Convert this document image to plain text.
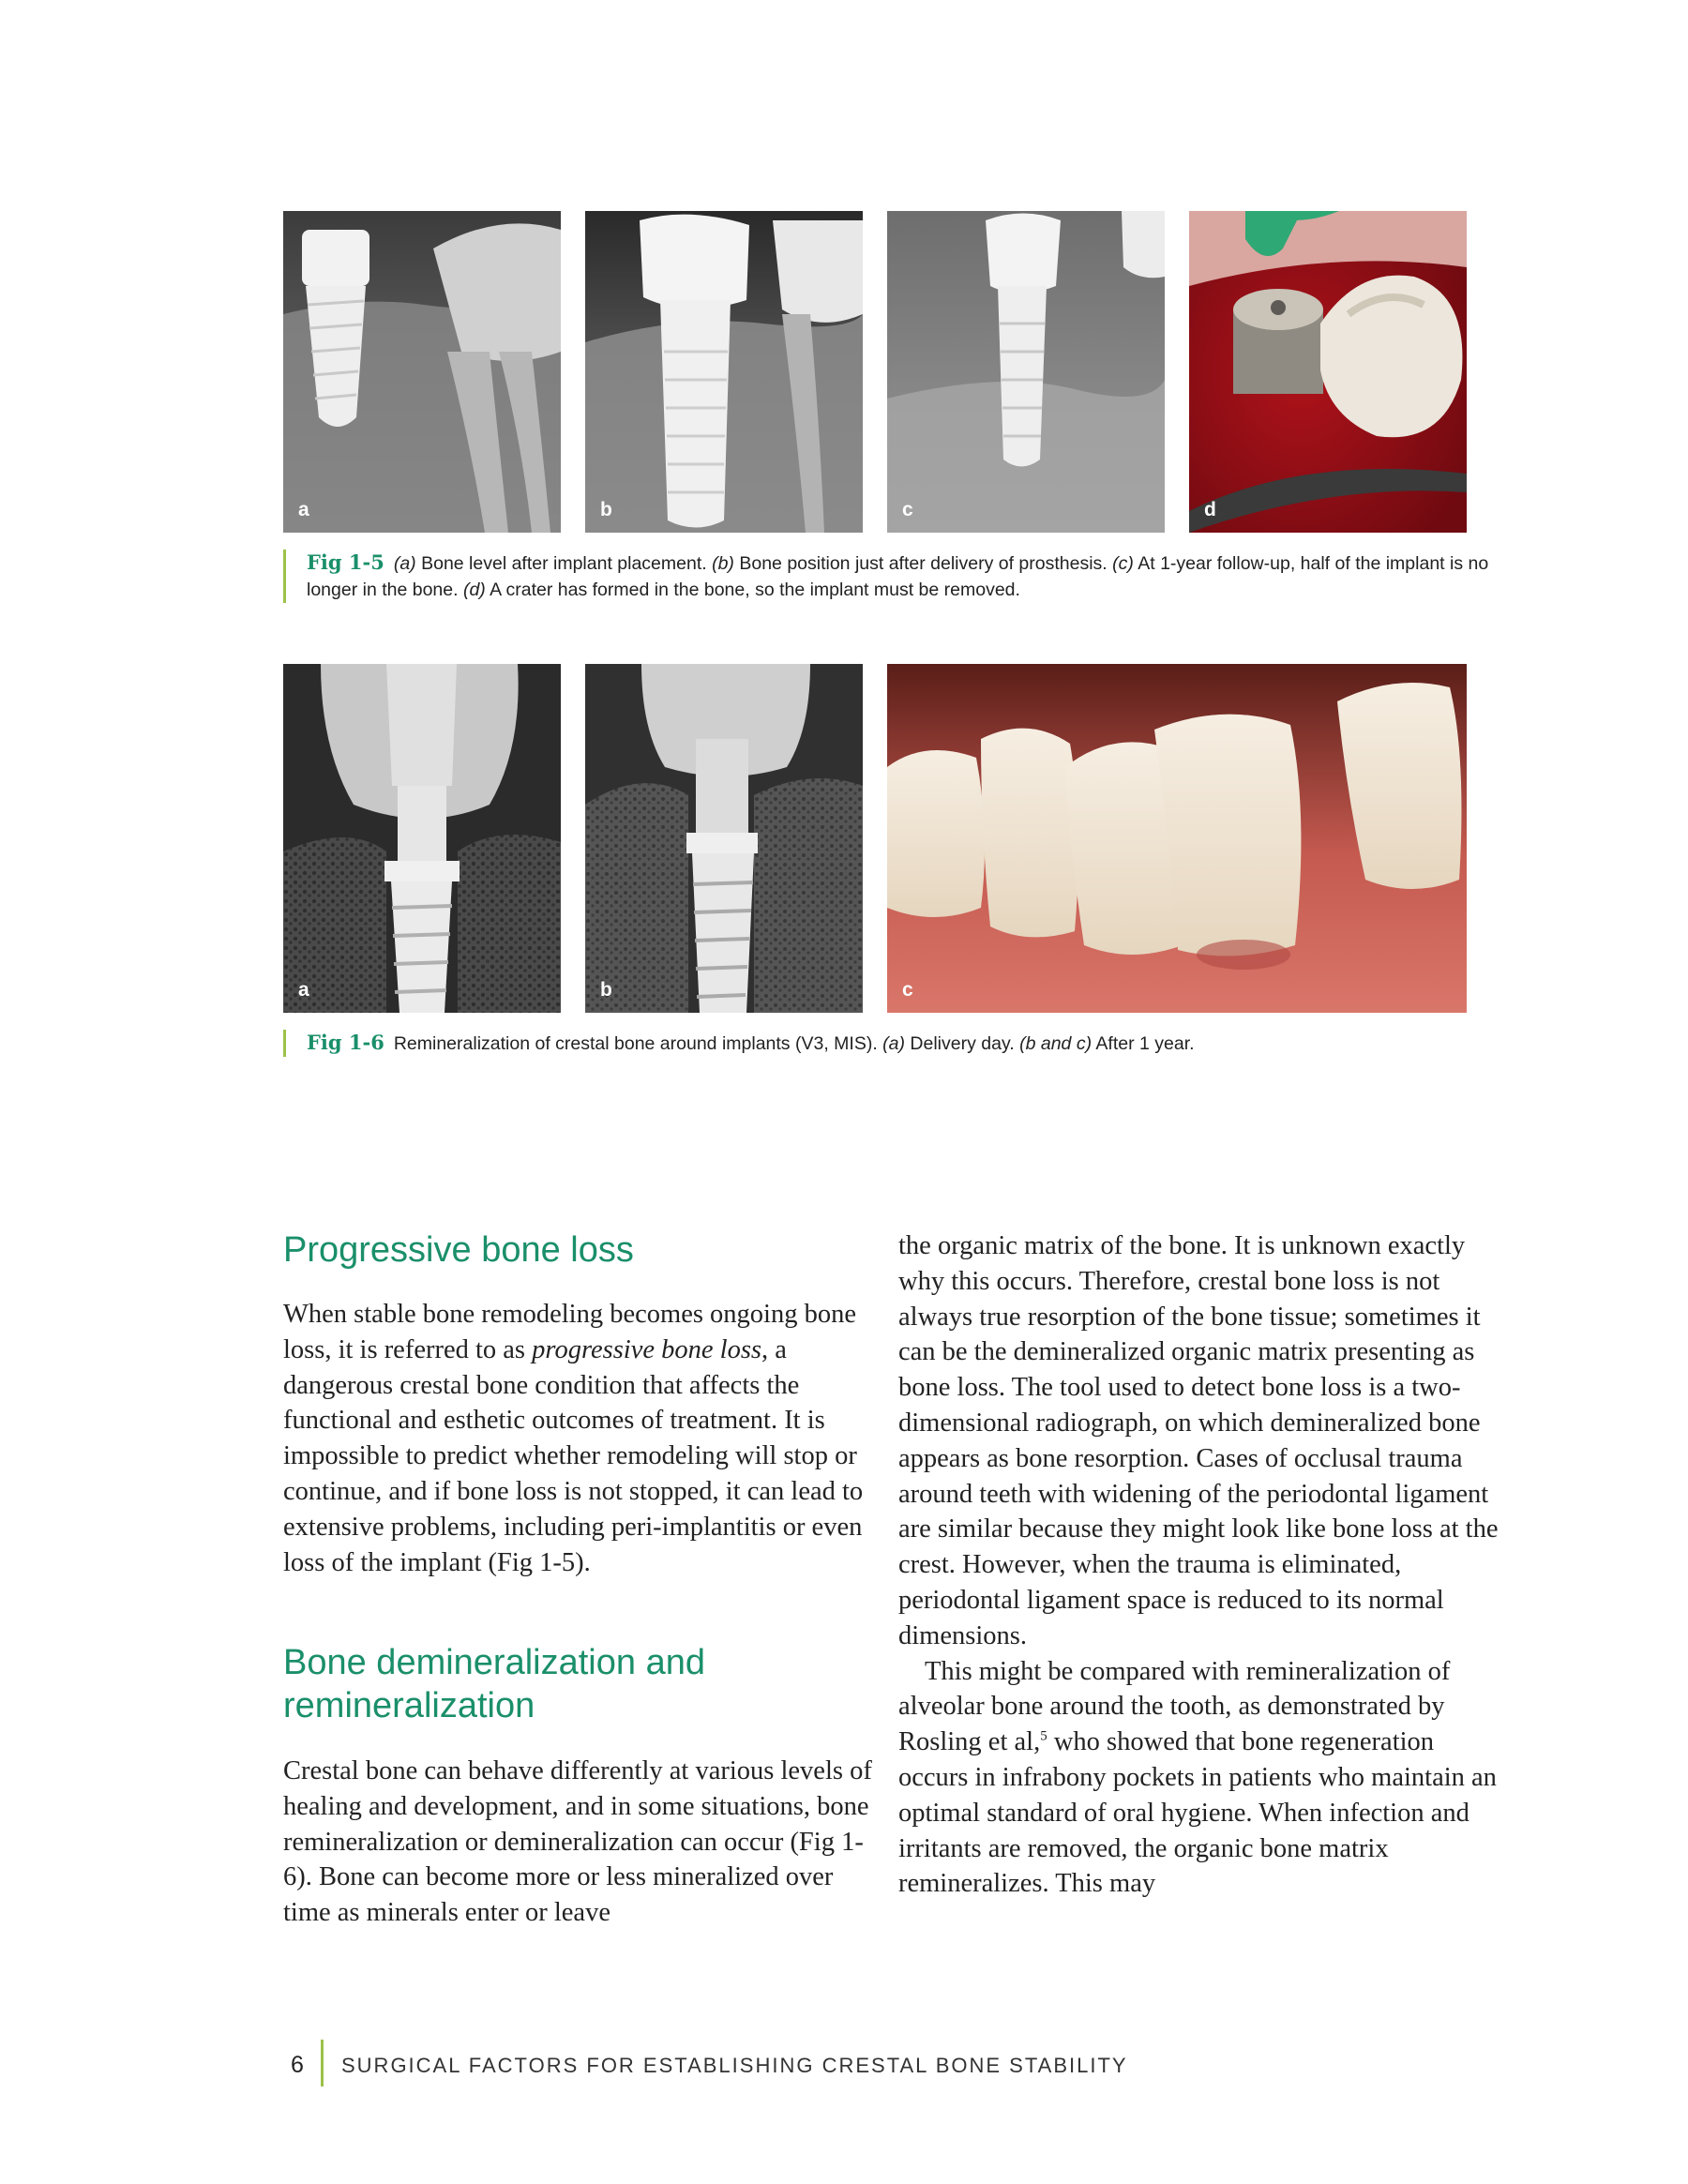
a	b	c	d
Fig 1-5 (a) Bone level after implant placement. (b) Bone position just after delivery of prosthesis. (c) At 1-year follow-up, half of the implant is no longer in the bone. (d) A crater has formed in the bone, so the implant must be removed.
a	b	c
Fig 1-6 Remineralization of crestal bone around implants (V3, MIS). (a) Delivery day. (b and c) After 1 year.
Progressive bone loss

When stable bone remodeling becomes ongoing bone loss, it is referred to as progressive bone loss, a dangerous crestal bone condition that affects the functional and esthetic outcomes of treatment. It is impossible to predict whether remodeling will stop or continue, and if bone loss is not stopped, it can lead to extensive problems, including peri-implantitis or even loss of the implant (Fig 1-5).

Bone demineralization and remineralization

Crestal bone can behave differently at various levels of healing and development, and in some situations, bone remineralization or demineralization can occur (Fig 1-6). Bone can become more or less mineralized over time as minerals enter or leave

the organic matrix of the bone. It is unknown exactly why this occurs. Therefore, crestal bone loss is not always true resorption of the bone tissue; sometimes it can be the demineralized organic matrix presenting as bone loss. The tool used to detect bone loss is a two-dimensional radiograph, on which demineralized bone appears as bone resorption. Cases of occlusal trauma around teeth with widening of the periodontal ligament are similar because they might look like bone loss at the crest. However, when the trauma is eliminated, periodontal ligament space is reduced to its normal dimensions.

This might be compared with remineralization of alveolar bone around the tooth, as demonstrated by Rosling et al,$^5$ who showed that bone regeneration occurs in infrabony pockets in patients who maintain an optimal standard of oral hygiene. When infection and irritants are removed, the organic bone matrix remineralizes. This may

6 SURGICAL FACTORS FOR ESTABLISHING CRESTAL BONE STABILITY
